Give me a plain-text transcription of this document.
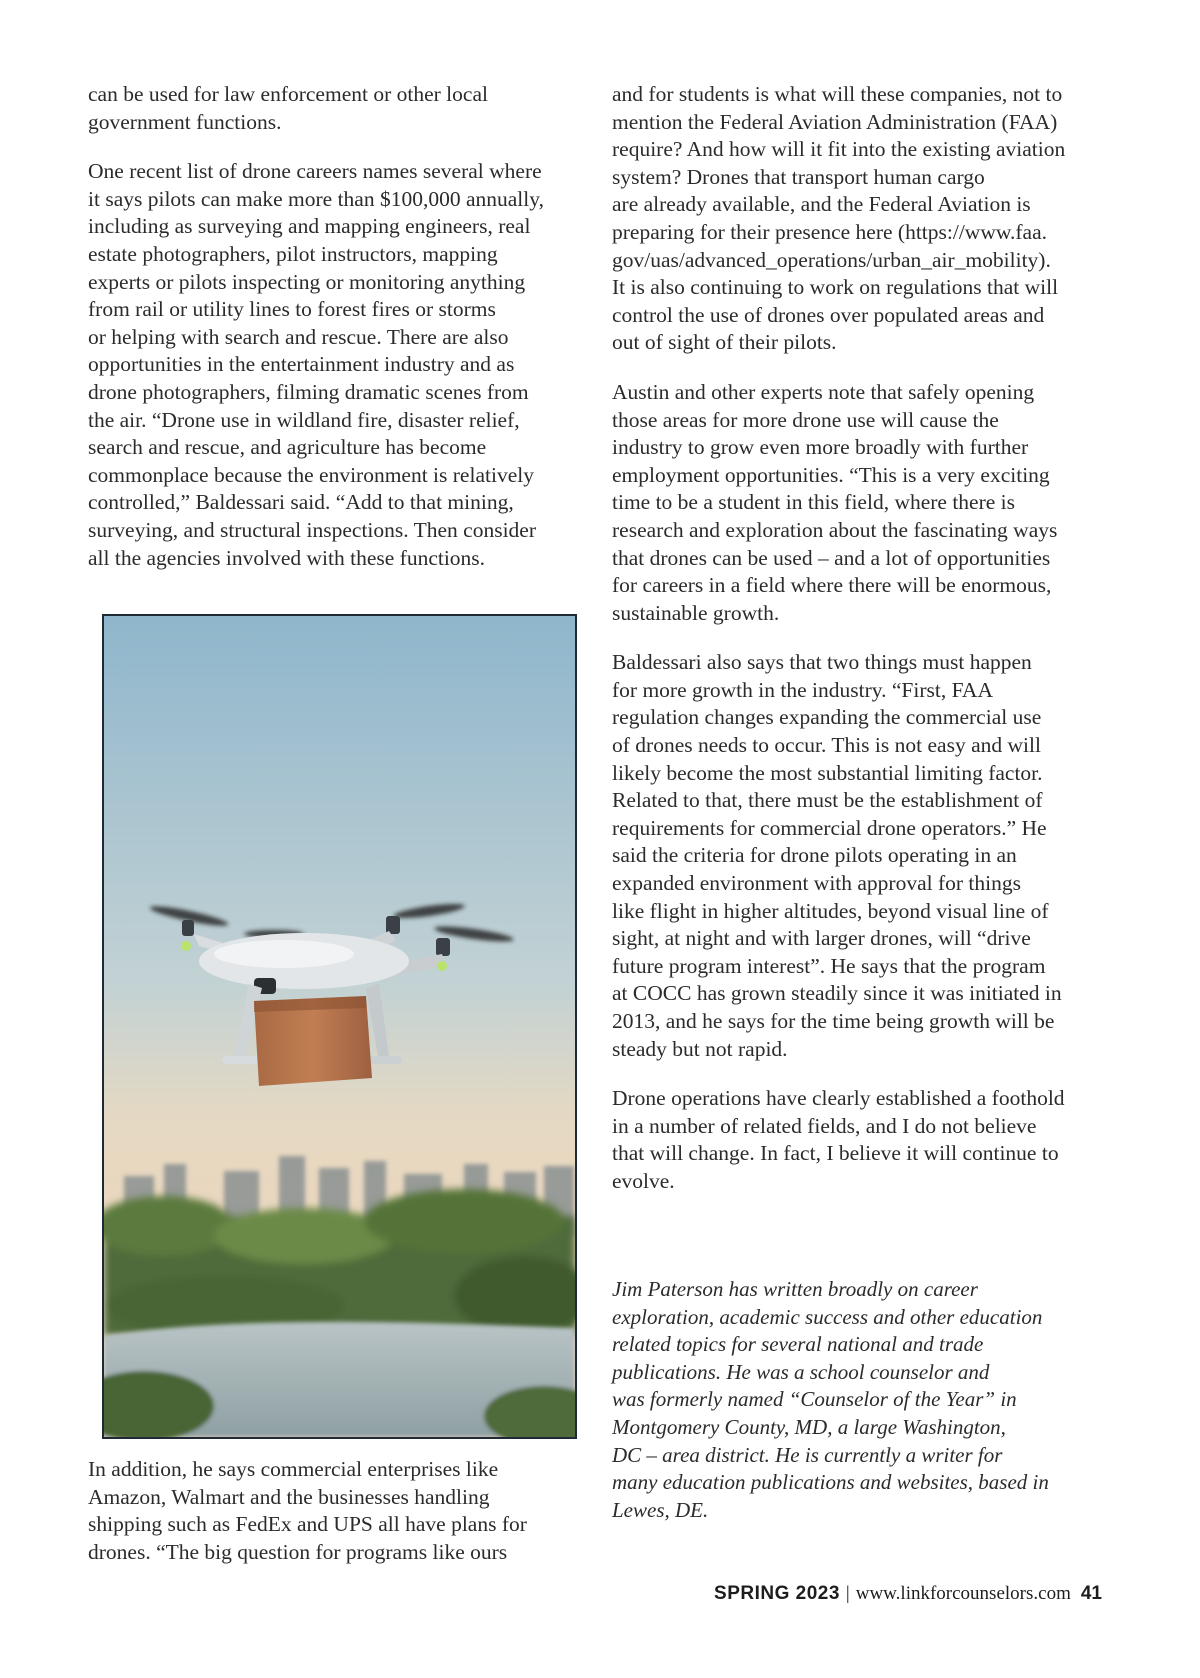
can be used for law enforcement or other local
government functions.

One recent list of drone careers names several where
it says pilots can make more than $100,000 annually,
including as surveying and mapping engineers, real
estate photographers, pilot instructors, mapping
experts or pilots inspecting or monitoring anything
from rail or utility lines to forest fires or storms
or helping with search and rescue. There are also
opportunities in the entertainment industry and as
drone photographers, filming dramatic scenes from
the air. “Drone use in wildland fire, disaster relief,
search and rescue, and agriculture has become
commonplace because the environment is relatively
controlled,” Baldessari said. “Add to that mining,
surveying, and structural inspections. Then consider
all the agencies involved with these functions.

In addition, he says commercial enterprises like
Amazon, Walmart and the businesses handling
shipping such as FedEx and UPS all have plans for
drones. “The big question for programs like ours

and for students is what will these companies, not to
mention the Federal Aviation Administration (FAA)
require? And how will it fit into the existing aviation
system? Drones that transport human cargo
are already available, and the Federal Aviation is
preparing for their presence here (https://www.faa.
gov/uas/advanced_operations/urban_air_mobility).
It is also continuing to work on regulations that will
control the use of drones over populated areas and
out of sight of their pilots.

Austin and other experts note that safely opening
those areas for more drone use will cause the
industry to grow even more broadly with further
employment opportunities. “This is a very exciting
time to be a student in this field, where there is
research and exploration about the fascinating ways
that drones can be used – and a lot of opportunities
for careers in a field where there will be enormous,
sustainable growth.

Baldessari also says that two things must happen
for more growth in the industry. “First, FAA
regulation changes expanding the commercial use
of drones needs to occur. This is not easy and will
likely become the most substantial limiting factor.
Related to that, there must be the establishment of
requirements for commercial drone operators.” He
said the criteria for drone pilots operating in an
expanded environment with approval for things
like flight in higher altitudes, beyond visual line of
sight, at night and with larger drones, will “drive
future program interest”. He says that the program
at COCC has grown steadily since it was initiated in
2013, and he says for the time being growth will be
steady but not rapid.

Drone operations have clearly established a foothold
in a number of related fields, and I do not believe
that will change. In fact, I believe it will continue to
evolve.

Jim Paterson has written broadly on career
exploration, academic success and other education
related topics for several national and trade
publications. He was a school counselor and
was formerly named “Counselor of the Year” in
Montgomery County, MD, a large Washington,
DC – area district. He is currently a writer for
many education publications and websites, based in
Lewes, DE.

SPRING 2023 | www.linkforcounselors.com 41
